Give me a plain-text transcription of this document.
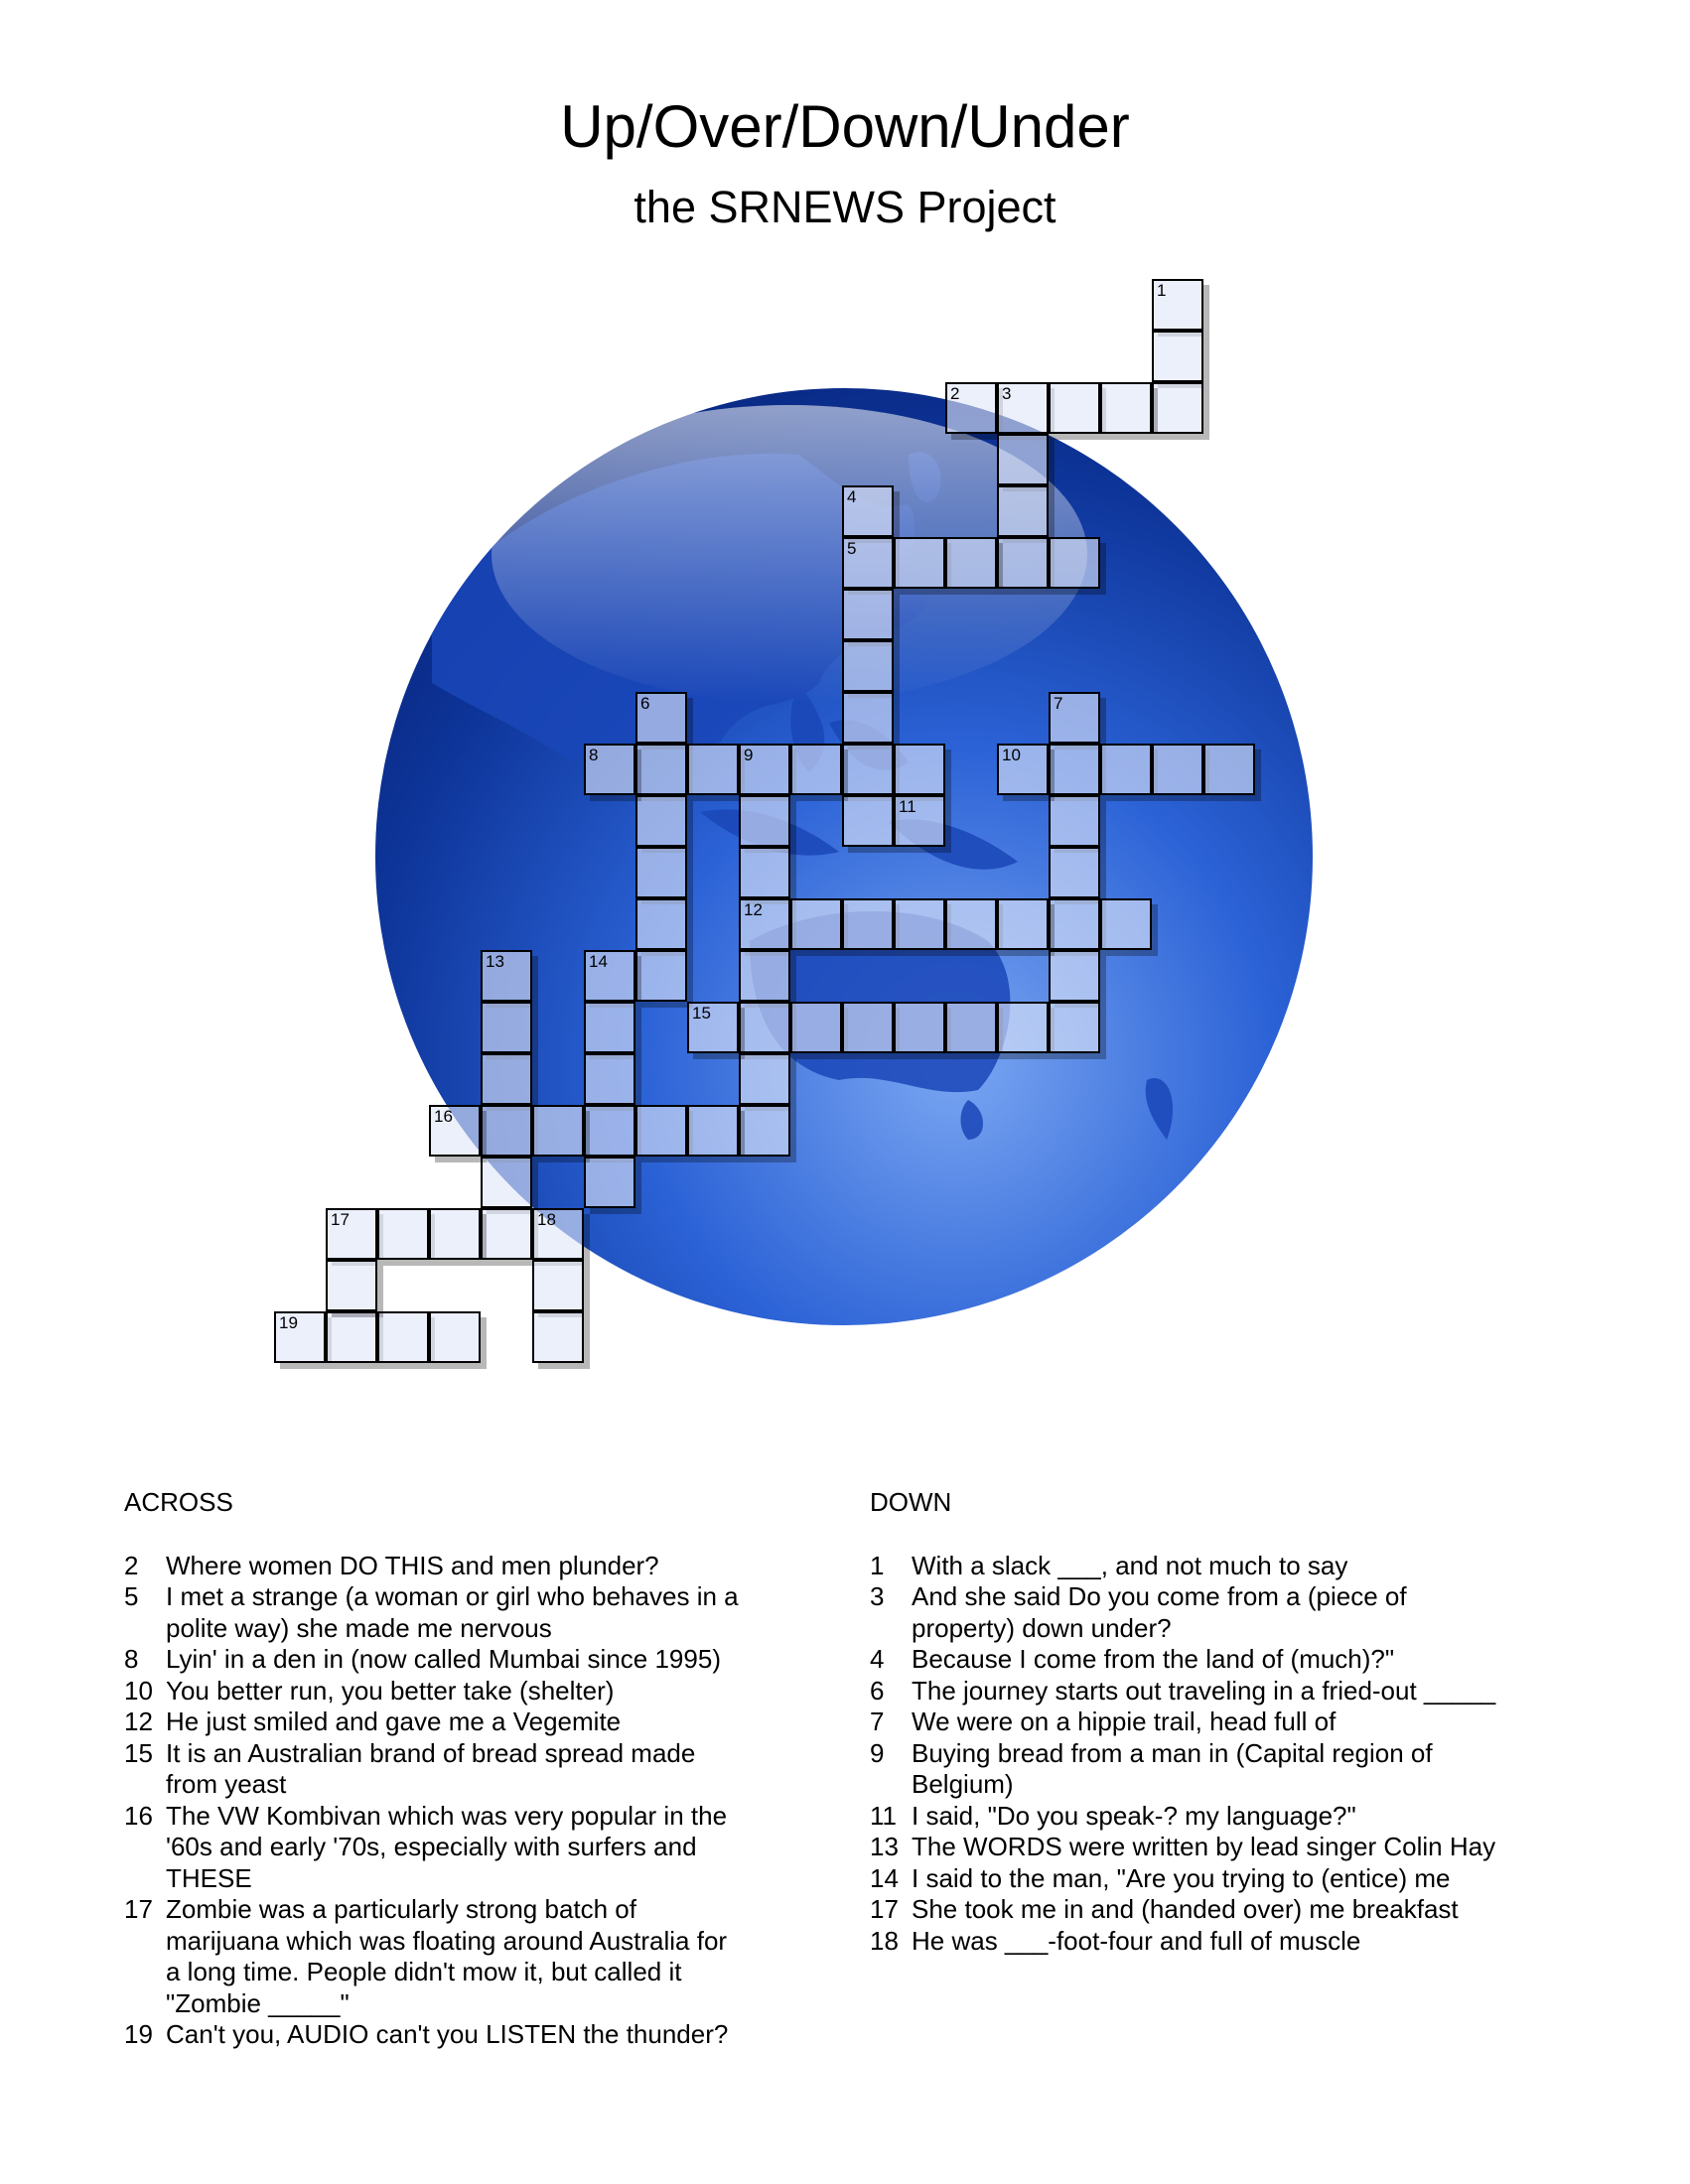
Up/Over/Down/Under
the SRNEWS Project
1
2	3
4
5
6	7
8	9
12
10
11
13	14
15
16
17	18
19
ACROSS
2	Where women DO THIS and men plunder?
5	I met a strange (a woman or girl who behaves in a
polite way) she made me nervous
8	Lyin' in a den in (now called Mumbai since 1995)
10 You better run, you better take (shelter)
12 He just smiled and gave me a Vegemite
15 It is an Australian brand of bread spread made
from yeast
16 The VW Kombivan which was very popular in the
'60s and early '70s, especially with surfers and
THESE
17 Zombie was a particularly strong batch of
marijuana which was floating around Australia for
a long time. People didn't mow it, but called it
"Zombie _____"
19 Can't you, AUDIO can't you LISTEN the thunder?
DOWN
1	With a slack ___, and not much to say
3	And she said Do you come from a (piece of
property) down under?
4	Because I come from the land of (much)?"
6	The journey starts out traveling in a fried-out _____
7	We were on a hippie trail, head full of
9	Buying bread from a man in (Capital region of
Belgium)
11 I said, "Do you speak-? my language?"
13 The WORDS were written by lead singer Colin Hay
14 I said to the man, "Are you trying to (entice) me
17 She took me in and (handed over) me breakfast
18 He was ___-foot-four and full of muscle
